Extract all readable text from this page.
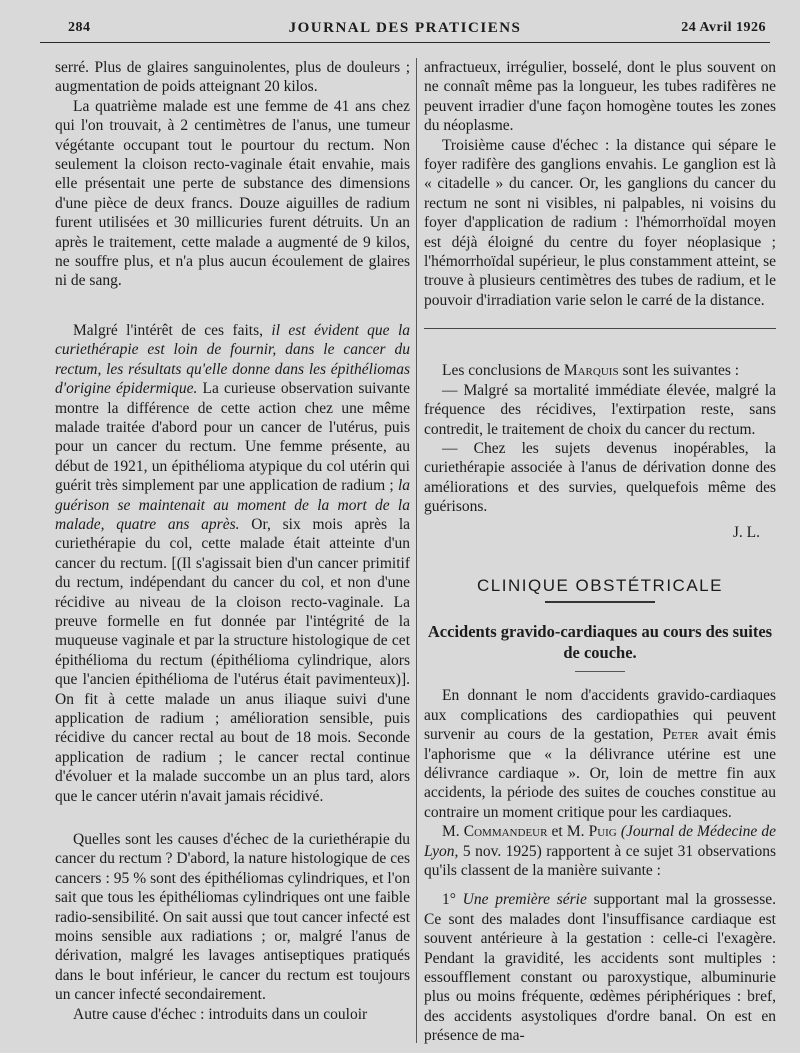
284	JOURNAL DES PRATICIENS	24 Avril 1926

serré. Plus de glaires sanguinolentes, plus de douleurs ; augmentation de poids atteignant 20 kilos.

La quatrième malade est une femme de 41 ans chez qui l'on trouvait, à 2 centimètres de l'anus, une tumeur végétante occupant tout le pourtour du rectum. Non seulement la cloison recto-vaginale était envahie, mais elle présentait une perte de substance des dimensions d'une pièce de deux francs. Douze aiguilles de radium furent utilisées et 30 millicuries furent détruits. Un an après le traitement, cette malade a augmenté de 9 kilos, ne souffre plus, et n'a plus aucun écoulement de glaires ni de sang.

Malgré l'intérêt de ces faits, il est évident que la curiethérapie est loin de fournir, dans le cancer du rectum, les résultats qu'elle donne dans les épithéliomas d'origine épidermique. La curieuse observation suivante montre la différence de cette action chez une même malade traitée d'abord pour un cancer de l'utérus, puis pour un cancer du rectum. Une femme présente, au début de 1921, un épithélioma atypique du col utérin qui guérit très simplement par une application de radium ; la guérison se maintenait au moment de la mort de la malade, quatre ans après. Or, six mois après la curiethérapie du col, cette malade était atteinte d'un cancer du rectum. [(Il s'agissait bien d'un cancer primitif du rectum, indépendant du cancer du col, et non d'une récidive au niveau de la cloison recto-vaginale. La preuve formelle en fut donnée par l'intégrité de la muqueuse vaginale et par la structure histologique de cet épithélioma du rectum (épithélioma cylindrique, alors que l'ancien épithélioma de l'utérus était pavimenteux)]. On fit à cette malade un anus iliaque suivi d'une application de radium ; amélioration sensible, puis récidive du cancer rectal au bout de 18 mois. Seconde application de radium ; le cancer rectal continue d'évoluer et la malade succombe un an plus tard, alors que le cancer utérin n'avait jamais récidivé.

Quelles sont les causes d'échec de la curiethérapie du cancer du rectum ? D'abord, la nature histologique de ces cancers : 95 % sont des épithéliomas cylindriques, et l'on sait que tous les épithéliomas cylindriques ont une faible radio-sensibilité. On sait aussi que tout cancer infecté est moins sensible aux radiations ; or, malgré l'anus de dérivation, malgré les lavages antiseptiques pratiqués dans le bout inférieur, le cancer du rectum est toujours un cancer infecté secondairement.

Autre cause d'échec : introduits dans un couloir

anfractueux, irrégulier, bosselé, dont le plus souvent on ne connaît même pas la longueur, les tubes radifères ne peuvent irradier d'une façon homogène toutes les zones du néoplasme.

Troisième cause d'échec : la distance qui sépare le foyer radifère des ganglions envahis. Le ganglion est là « citadelle » du cancer. Or, les ganglions du cancer du rectum ne sont ni visibles, ni palpables, ni voisins du foyer d'application de radium : l'hémorrhoïdal moyen est déjà éloigné du centre du foyer néoplasique ; l'hémorrhoïdal supérieur, le plus constamment atteint, se trouve à plusieurs centimètres des tubes de radium, et le pouvoir d'irradiation varie selon le carré de la distance.

Les conclusions de Marquis sont les suivantes :

— Malgré sa mortalité immédiate élevée, malgré la fréquence des récidives, l'extirpation reste, sans contredit, le traitement de choix du cancer du rectum.

— Chez les sujets devenus inopérables, la curiethérapie associée à l'anus de dérivation donne des améliorations et des survies, quelquefois même des guérisons.

J. L.
CLINIQUE OBSTÉTRICALE
Accidents gravido-cardiaques au cours des suites de couche.

En donnant le nom d'accidents gravido-cardiaques aux complications des cardiopathies qui peuvent survenir au cours de la gestation, Peter avait émis l'aphorisme que « la délivrance utérine est une délivrance cardiaque ». Or, loin de mettre fin aux accidents, la période des suites de couches constitue au contraire un moment critique pour les cardiaques.

M. Commandeur et M. Puig (Journal de Médecine de Lyon, 5 nov. 1925) rapportent à ce sujet 31 observations qu'ils classent de la manière suivante :

1° Une première série supportant mal la grossesse. Ce sont des malades dont l'insuffisance cardiaque est souvent antérieure à la gestation : celle-ci l'exagère. Pendant la gravidité, les accidents sont multiples : essoufflement constant ou paroxystique, albuminurie plus ou moins fréquente, œdèmes périphériques : bref, des accidents asystoliques d'ordre banal. On est en présence de ma-
